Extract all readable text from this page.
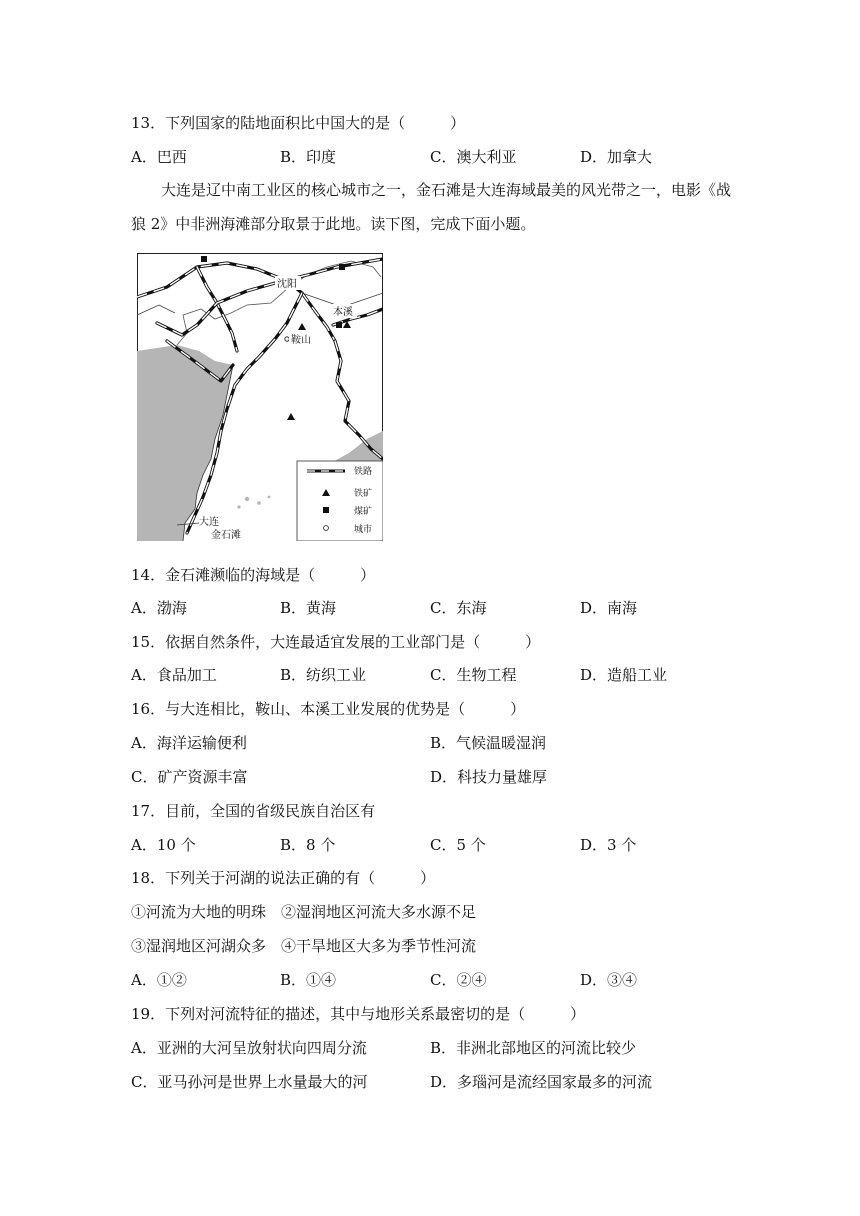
13．下列国家的陆地面积比中国大的是（　　　）
A．巴西	B．印度	C．澳大利亚	D．加拿大
大连是辽中南工业区的核心城市之一，金石滩是大连海域最美的风光带之一，电影《战狼 2》中非洲海滩部分取景于此地。读下图，完成下面小题。
沈阳
本溪
鞍山
大连
金石滩
铁路
铁矿
煤矿
城市
14．金石滩濒临的海域是（　　　）
A．渤海	B．黄海	C．东海	D．南海
15．依据自然条件，大连最适宜发展的工业部门是（　　　）
A．食品加工	B．纺织工业	C．生物工程	D．造船工业
16．与大连相比，鞍山、本溪工业发展的优势是（　　　）
A．海洋运输便利	B．气候温暖湿润
C．矿产资源丰富	D．科技力量雄厚
17．目前，全国的省级民族自治区有
A．10 个	B．8 个	C．5 个	D．3 个
18．下列关于河湖的说法正确的有（　　　）
①河流为大地的明珠　②湿润地区河流大多水源不足
③湿润地区河湖众多　④干旱地区大多为季节性河流
A．①②	B．①④	C．②④	D．③④
19．下列对河流特征的描述，其中与地形关系最密切的是（　　　）
A．亚洲的大河呈放射状向四周分流	B．非洲北部地区的河流比较少
C．亚马孙河是世界上水量最大的河	D．多瑙河是流经国家最多的河流
